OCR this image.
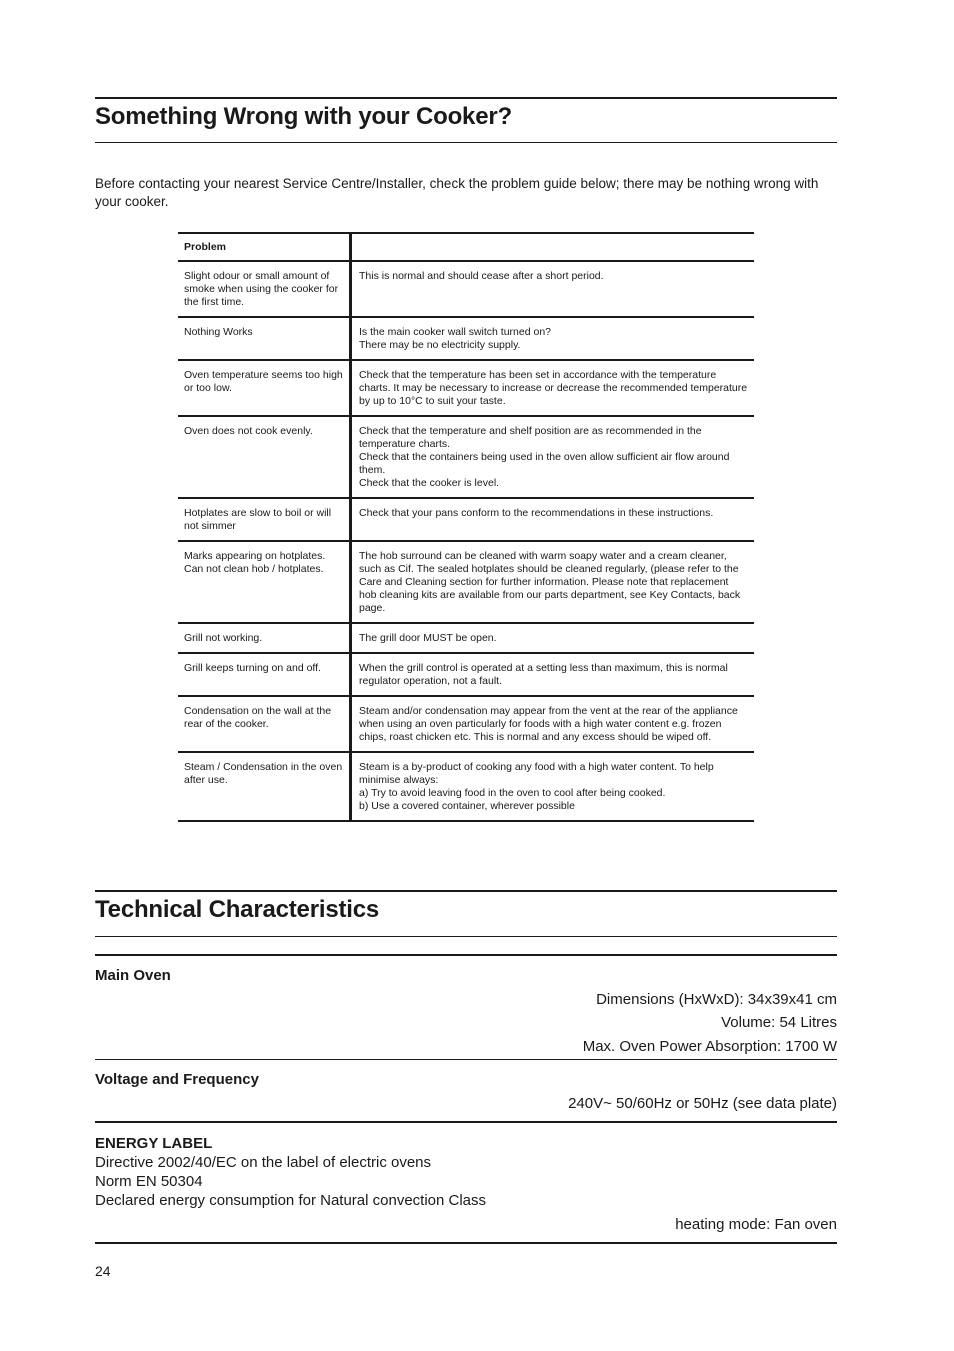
Something Wrong with your Cooker?
Before contacting your nearest Service Centre/Installer, check the problem guide below; there may be nothing wrong with your cooker.
Problem	
Slight odour or small amount of smoke when using the cooker for the first time.	This is normal and should cease after a short period.
Nothing Works	Is the main cooker wall switch turned on?
There may be no electricity supply.
Oven temperature seems too high or too low.	Check that the temperature has been set in accordance with the temperature charts. It may be necessary to increase or decrease the recommended temperature by up to 10°C to suit your taste.
Oven does not cook evenly.	Check that the temperature and shelf position are as recommended in the temperature charts.
Check that the containers being used in the oven allow sufficient air flow around them.
Check that the cooker is level.
Hotplates are slow to boil or will not simmer	Check that your pans conform to the recommendations in these instructions.
Marks appearing on hotplates. Can not clean hob / hotplates.	The hob surround can be cleaned with warm soapy water and a cream cleaner, such as Cif. The sealed hotplates should be cleaned regularly, (please refer to the Care and Cleaning section for further information. Please note that replacement hob cleaning kits are available from our parts department, see Key Contacts, back page.
Grill not working.	The grill door MUST be open.
Grill keeps turning on and off.	When the grill control is operated at a setting less than maximum, this is normal regulator operation, not a fault.
Condensation on the wall at the rear of the cooker.	Steam and/or condensation may appear from the vent at the rear of the appliance when using an oven particularly for foods with a high water content e.g. frozen chips, roast chicken etc. This is normal and any excess should be wiped off.
Steam / Condensation in the oven after use.	Steam is a by-product of cooking any food with a high water content. To help minimise always:
a) Try to avoid leaving food in the oven to cool after being cooked.
b) Use a covered container, wherever possible
Technical Characteristics
Main Oven
Dimensions (HxWxD): 34x39x41 cm
Volume: 54 Litres
Max. Oven Power Absorption: 1700 W
Voltage and Frequency
240V~ 50/60Hz or 50Hz (see data plate)
ENERGY LABEL
Directive 2002/40/EC on the label of electric ovens
Norm EN 50304
Declared energy consumption for Natural convection Class
heating mode: Fan oven
24
